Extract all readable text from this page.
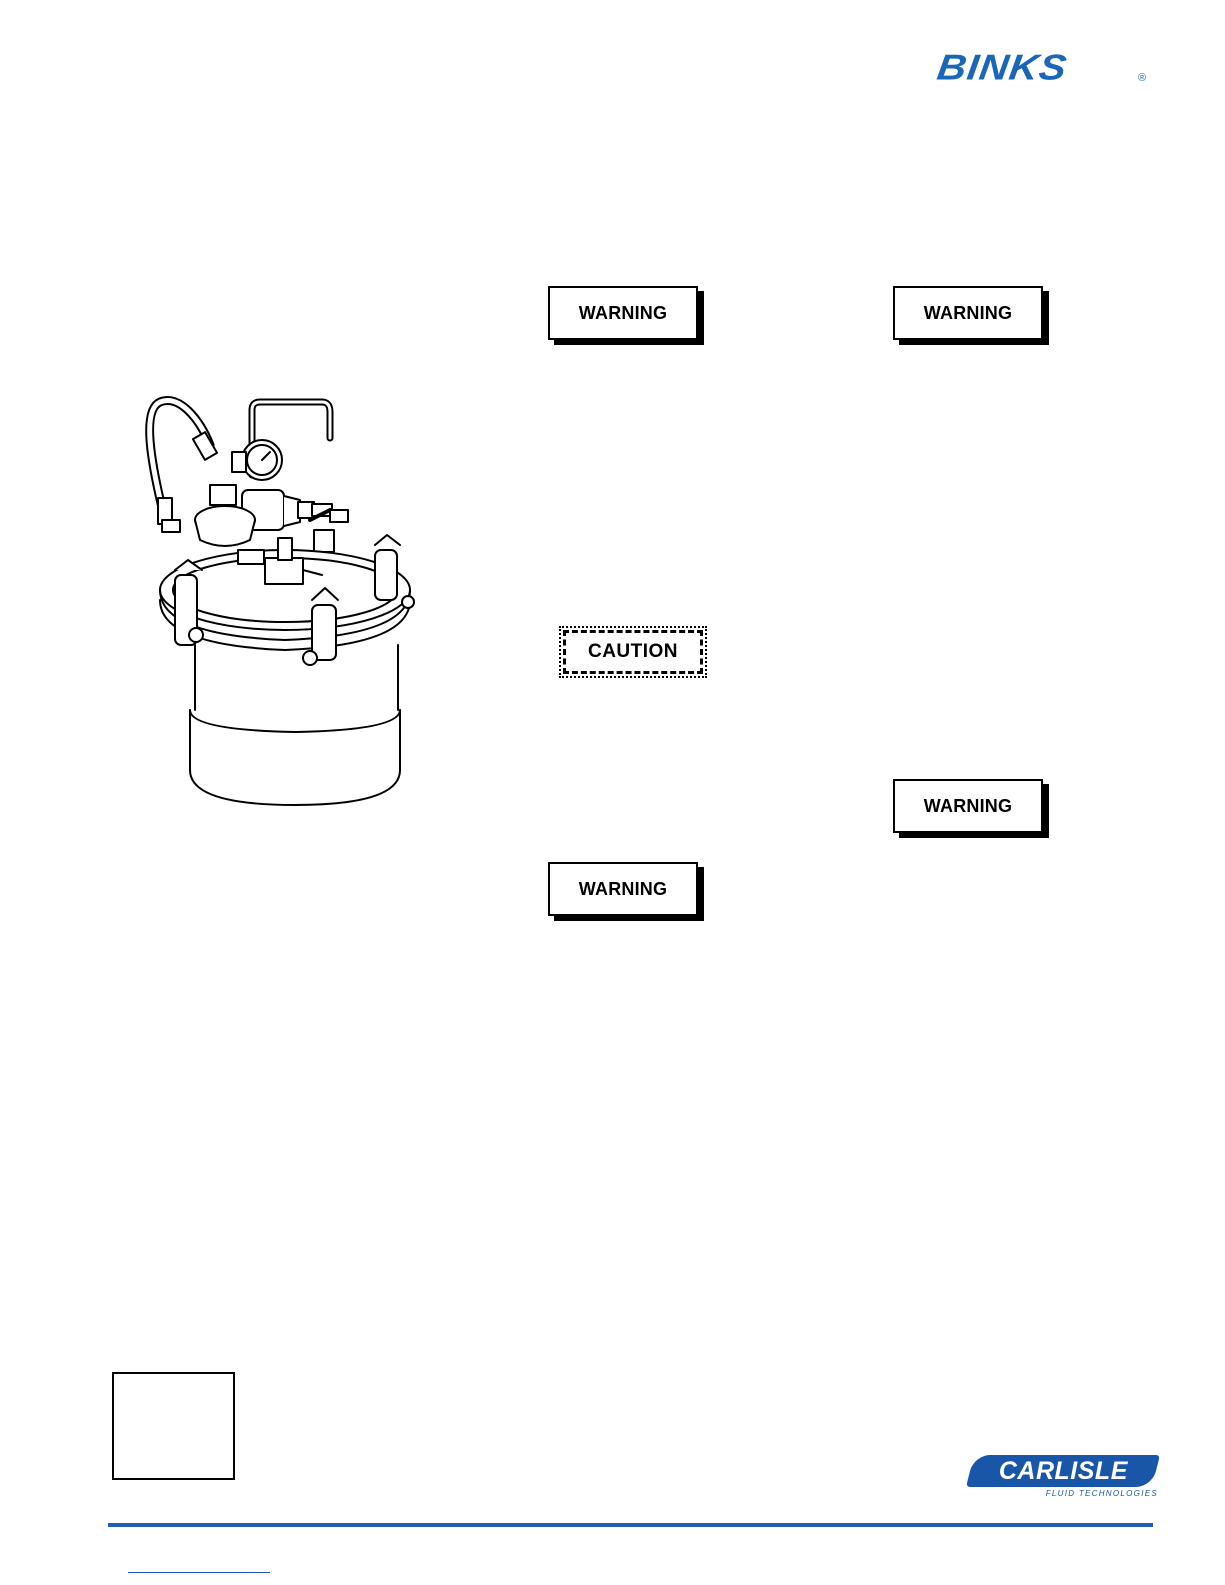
BINKS	®
WARNING	WARNING
CAUTION
WARNING
WARNING
CARLISLE
FLUID TECHNOLOGIES
